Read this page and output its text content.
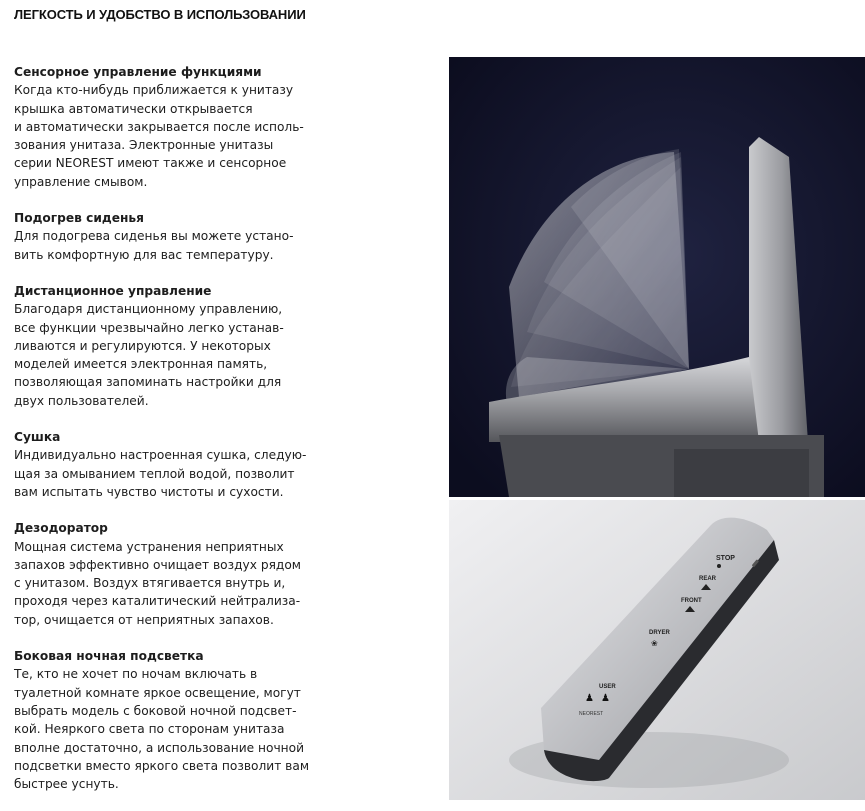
ЛЕГКОСТЬ И УДОБСТВО В ИСПОЛЬЗОВАНИИ
Сенсорное управление функциями
Когда кто-нибудь приближается к унитазу
крышка автоматически открывается
и автоматически закрывается после исполь-
зования унитаза. Электронные унитазы
серии NEOREST имеют также и сенсорное
управление смывом.
Подогрев сиденья
Для подогрева сиденья вы можете устано-
вить комфортную для вас температуру.
Дистанционное управление
Благодаря дистанционному управлению,
все функции чрезвычайно легко устанав-
ливаются и регулируются. У некоторых
моделей имеется электронная память,
позволяющая запоминать настройки для
двух пользователей.
Сушка
Индивидуально настроенная сушка, следую-
щая за омыванием теплой водой, позволит
вам испытать чувство чистоты и сухости.
Дезодоратор
Мощная система устранения неприятных
запахов эффективно очищает воздух рядом
с унитазом. Воздух втягивается внутрь и,
проходя через каталитический нейтрализа-
тор, очищается от неприятных запахов.
Боковая ночная подсветка
Те, кто не хочет по ночам включать в
туалетной комнате яркое освещение, могут
выбрать модель с боковой ночной подсвет-
кой. Неяркого света по сторонам унитаза
вполне достаточно, а использование ночной
подсветки вместо яркого света позволит вам
быстрее уснуть.
STOP
REAR
FRONT
DRYER
❀
USER
♟ ♟
NEOREST
